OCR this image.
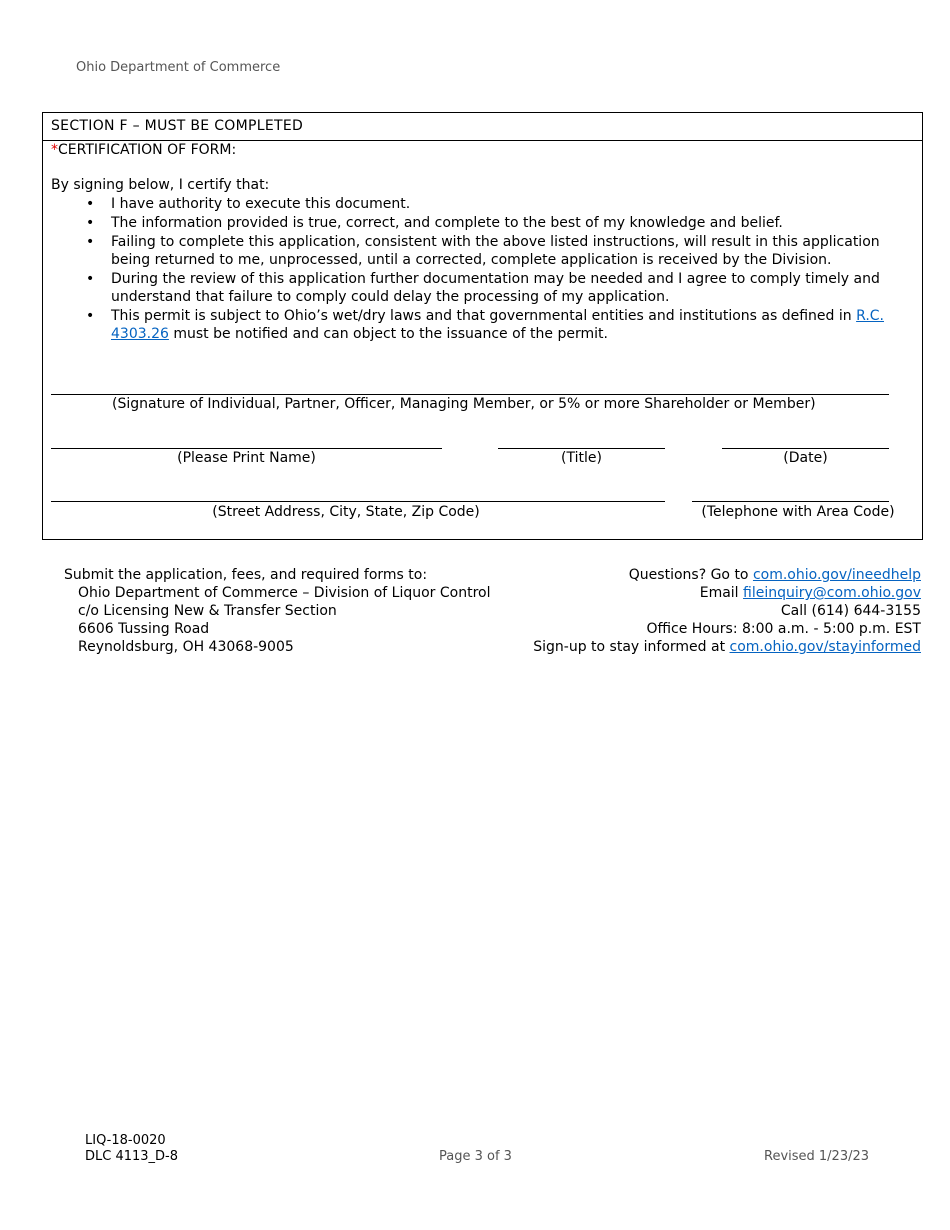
Ohio Department of Commerce
SECTION F – MUST BE COMPLETED
*CERTIFICATION OF FORM:
By signing below, I certify that:
• I have authority to execute this document.
• The information provided is true, correct, and complete to the best of my knowledge and belief.
• Failing to complete this application, consistent with the above listed instructions, will result in this application being returned to me, unprocessed, until a corrected, complete application is received by the Division.
• During the review of this application further documentation may be needed and I agree to comply timely and understand that failure to comply could delay the processing of my application.
• This permit is subject to Ohio’s wet/dry laws and that governmental entities and institutions as defined in R.C. 4303.26 must be notified and can object to the issuance of the permit.
(Signature of Individual, Partner, Officer, Managing Member, or 5% or more Shareholder or Member)
(Please Print Name)	(Title)	(Date)
(Street Address, City, State, Zip Code)	(Telephone with Area Code)
Submit the application, fees, and required forms to:
Ohio Department of Commerce – Division of Liquor Control
c/o Licensing New & Transfer Section
6606 Tussing Road
Reynoldsburg, OH 43068-9005
Questions? Go to com.ohio.gov/ineedhelp
Email fileinquiry@com.ohio.gov
Call (614) 644-3155
Office Hours: 8:00 a.m. - 5:00 p.m. EST
Sign-up to stay informed at com.ohio.gov/stayinformed
LIQ-18-0020
DLC 4113_D-8	Page 3 of 3	Revised 1/23/23
